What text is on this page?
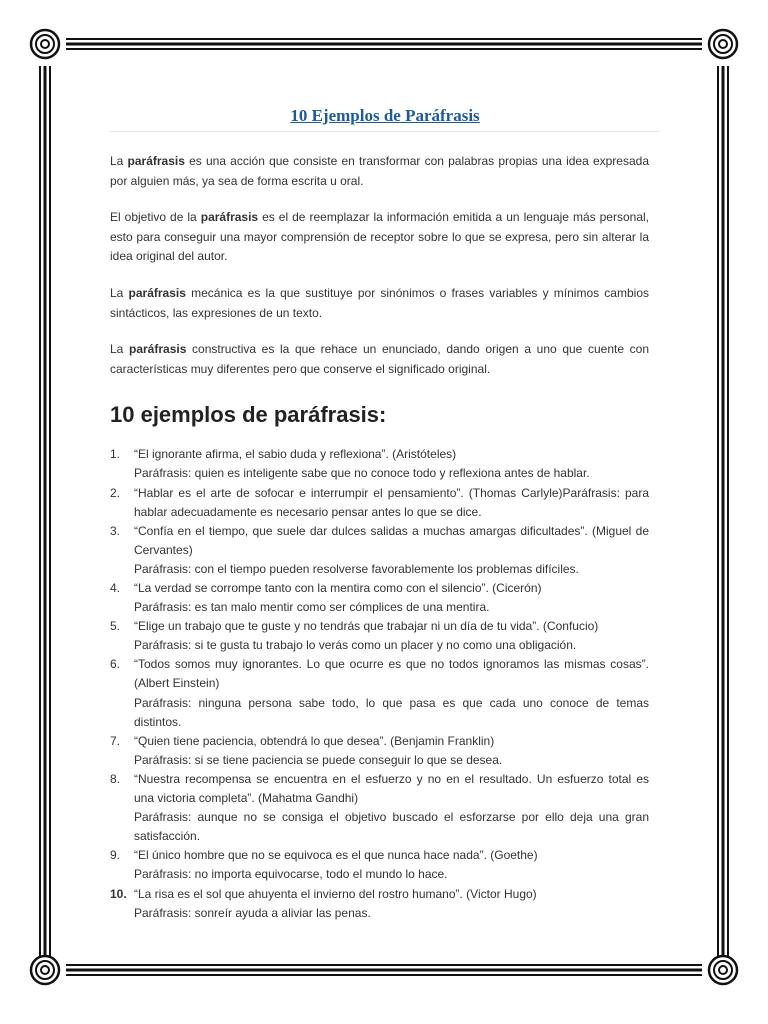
10 Ejemplos de Paráfrasis

La paráfrasis es una acción que consiste en transformar con palabras propias una idea expresada por alguien más, ya sea de forma escrita u oral.

El objetivo de la paráfrasis es el de reemplazar la información emitida a un lenguaje más personal, esto para conseguir una mayor comprensión de receptor sobre lo que se expresa, pero sin alterar la idea original del autor.

La paráfrasis mecánica es la que sustituye por sinónimos o frases variables y mínimos cambios sintácticos, las expresiones de un texto.

La paráfrasis constructiva es la que rehace un enunciado, dando origen a uno que cuente con características muy diferentes pero que conserve el significado original.

10 ejemplos de paráfrasis:
1. “El ignorante afirma, el sabio duda y reflexiona”. (Aristóteles)
Paráfrasis: quien es inteligente sabe que no conoce todo y reflexiona antes de hablar.
2. “Hablar es el arte de sofocar e interrumpir el pensamiento”. (Thomas Carlyle)Paráfrasis: para
hablar adecuadamente es necesario pensar antes lo que se dice.
3. “Confía en el tiempo, que suele dar dulces salidas a muchas amargas dificultades”. (Miguel de
Cervantes)
Paráfrasis: con el tiempo pueden resolverse favorablemente los problemas difíciles.
4. “La verdad se corrompe tanto con la mentira como con el silencio”. (Cicerón)
Paráfrasis: es tan malo mentir como ser cómplices de una mentira.
5. “Elige un trabajo que te guste y no tendrás que trabajar ni un día de tu vida”. (Confucio)
Paráfrasis: si te gusta tu trabajo lo verás como un placer y no como una obligación.
6. “Todos somos muy ignorantes. Lo que ocurre es que no todos ignoramos las mismas cosas”.
(Albert Einstein)
Paráfrasis: ninguna persona sabe todo, lo que pasa es que cada uno conoce de temas
distintos.
7. “Quien tiene paciencia, obtendrá lo que desea”. (Benjamin Franklin)
Paráfrasis: si se tiene paciencia se puede conseguir lo que se desea.
8. “Nuestra recompensa se encuentra en el esfuerzo y no en el resultado. Un esfuerzo total es
una victoria completa”. (Mahatma Gandhi)
Paráfrasis: aunque no se consiga el objetivo buscado el esforzarse por ello deja una gran
satisfacción.
9. “El único hombre que no se equivoca es el que nunca hace nada”. (Goethe)
Paráfrasis: no importa equivocarse, todo el mundo lo hace.
10. “La risa es el sol que ahuyenta el invierno del rostro humano”. (Victor Hugo)
Paráfrasis: sonreír ayuda a aliviar las penas.
